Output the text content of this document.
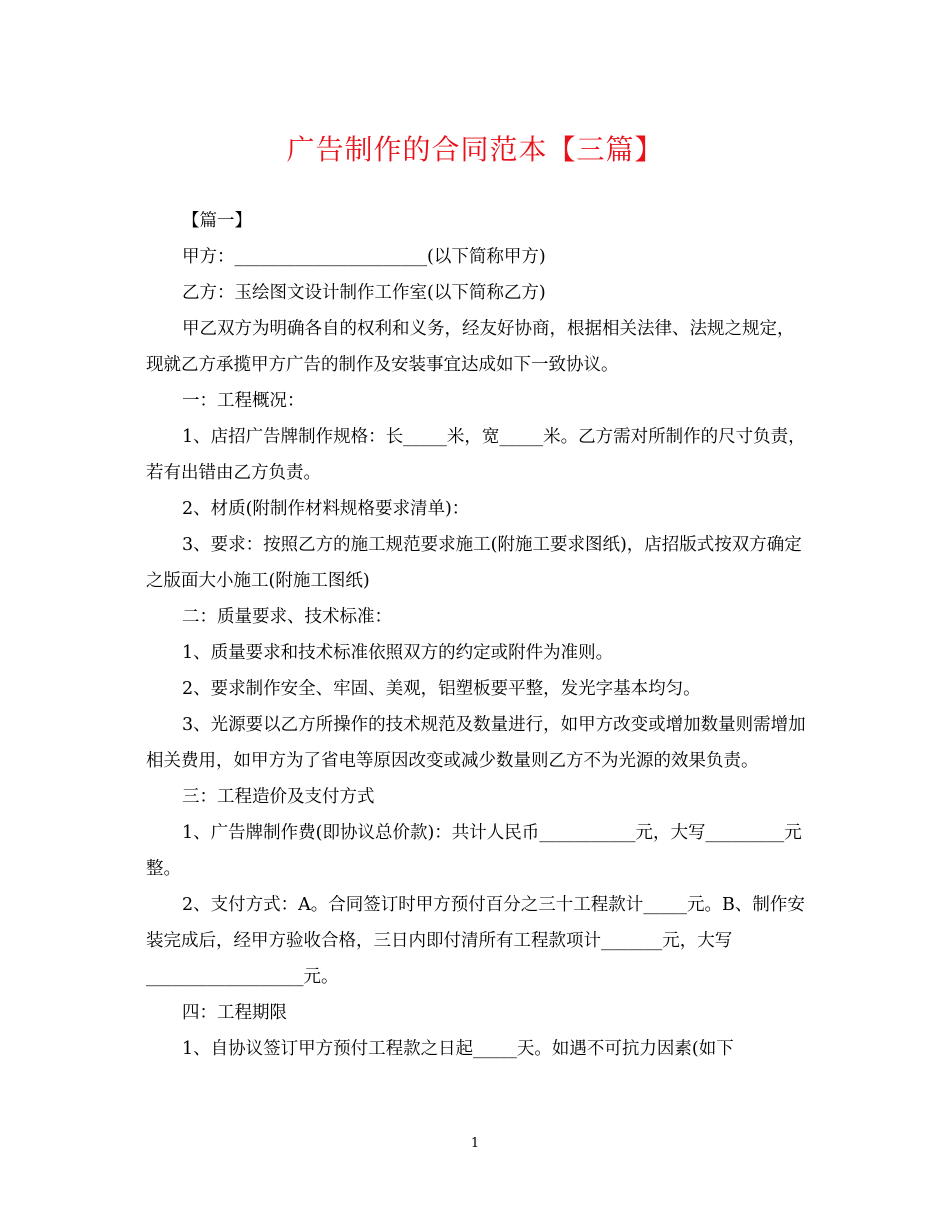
广告制作的合同范本【三篇】

【篇一】

甲方：______________________(以下简称甲方)

乙方：玉绘图文设计制作工作室(以下简称乙方)

甲乙双方为明确各自的权利和义务，经友好协商，根据相关法律、法规之规定，现就乙方承揽甲方广告的制作及安装事宜达成如下一致协议。

一：工程概况：

1、店招广告牌制作规格：长_____米，宽_____米。乙方需对所制作的尺寸负责，若有出错由乙方负责。

2、材质(附制作材料规格要求清单)：

3、要求：按照乙方的施工规范要求施工(附施工要求图纸)，店招版式按双方确定之版面大小施工(附施工图纸)

二：质量要求、技术标准：

1、质量要求和技术标准依照双方的约定或附件为准则。

2、要求制作安全、牢固、美观，铝塑板要平整，发光字基本均匀。

3、光源要以乙方所操作的技术规范及数量进行，如甲方改变或增加数量则需增加相关费用，如甲方为了省电等原因改变或减少数量则乙方不为光源的效果负责。

三：工程造价及支付方式

1、广告牌制作费(即协议总价款)：共计人民币___________元，大写_________元整。

2、支付方式：A。合同签订时甲方预付百分之三十工程款计_____元。B、制作安装完成后，经甲方验收合格，三日内即付清所有工程款项计_______元，大写__________________元。

四：工程期限

1、自协议签订甲方预付工程款之日起_____天。如遇不可抗力因素(如下

1
